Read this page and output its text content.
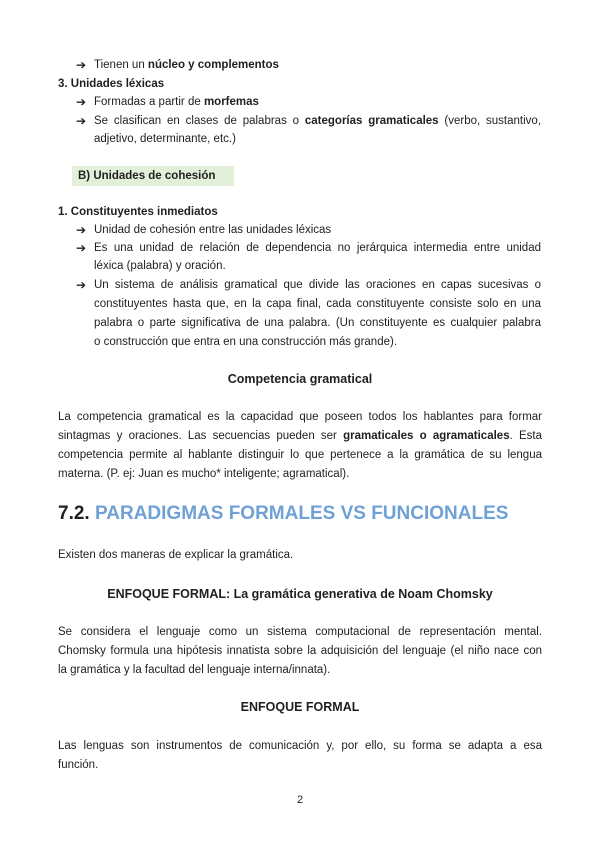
➔ Tienen un núcleo y complementos
3. Unidades léxicas
➔ Formadas a partir de morfemas
➔ Se clasifican en clases de palabras o categorías gramaticales (verbo, sustantivo,
adjetivo, determinante, etc.)
B) Unidades de cohesión
1. Constituyentes inmediatos
➔ Unidad de cohesión entre las unidades léxicas
➔ Es una unidad de relación de dependencia no jerárquica intermedia entre unidad
léxica (palabra) y oración.
➔ Un sistema de análisis gramatical que divide las oraciones en capas sucesivas o
constituyentes hasta que, en la capa final, cada constituyente consiste solo en una
palabra o parte significativa de una palabra. (Un constituyente es cualquier palabra
o construcción que entra en una construcción más grande).
Competencia gramatical
La competencia gramatical es la capacidad que poseen todos los hablantes para formar
sintagmas y oraciones. Las secuencias pueden ser gramaticales o agramaticales. Esta
competencia permite al hablante distinguir lo que pertenece a la gramática de su lengua
materna. (P. ej: Juan es mucho* inteligente; agramatical).
7.2. PARADIGMAS FORMALES VS FUNCIONALES
Existen dos maneras de explicar la gramática.
ENFOQUE FORMAL: La gramática generativa de Noam Chomsky
Se considera el lenguaje como un sistema computacional de representación mental.
Chomsky formula una hipótesis innatista sobre la adquisición del lenguaje (el niño nace con
la gramática y la facultad del lenguaje interna/innata).
ENFOQUE FORMAL
Las lenguas son instrumentos de comunicación y, por ello, su forma se adapta a esa
función.
2
